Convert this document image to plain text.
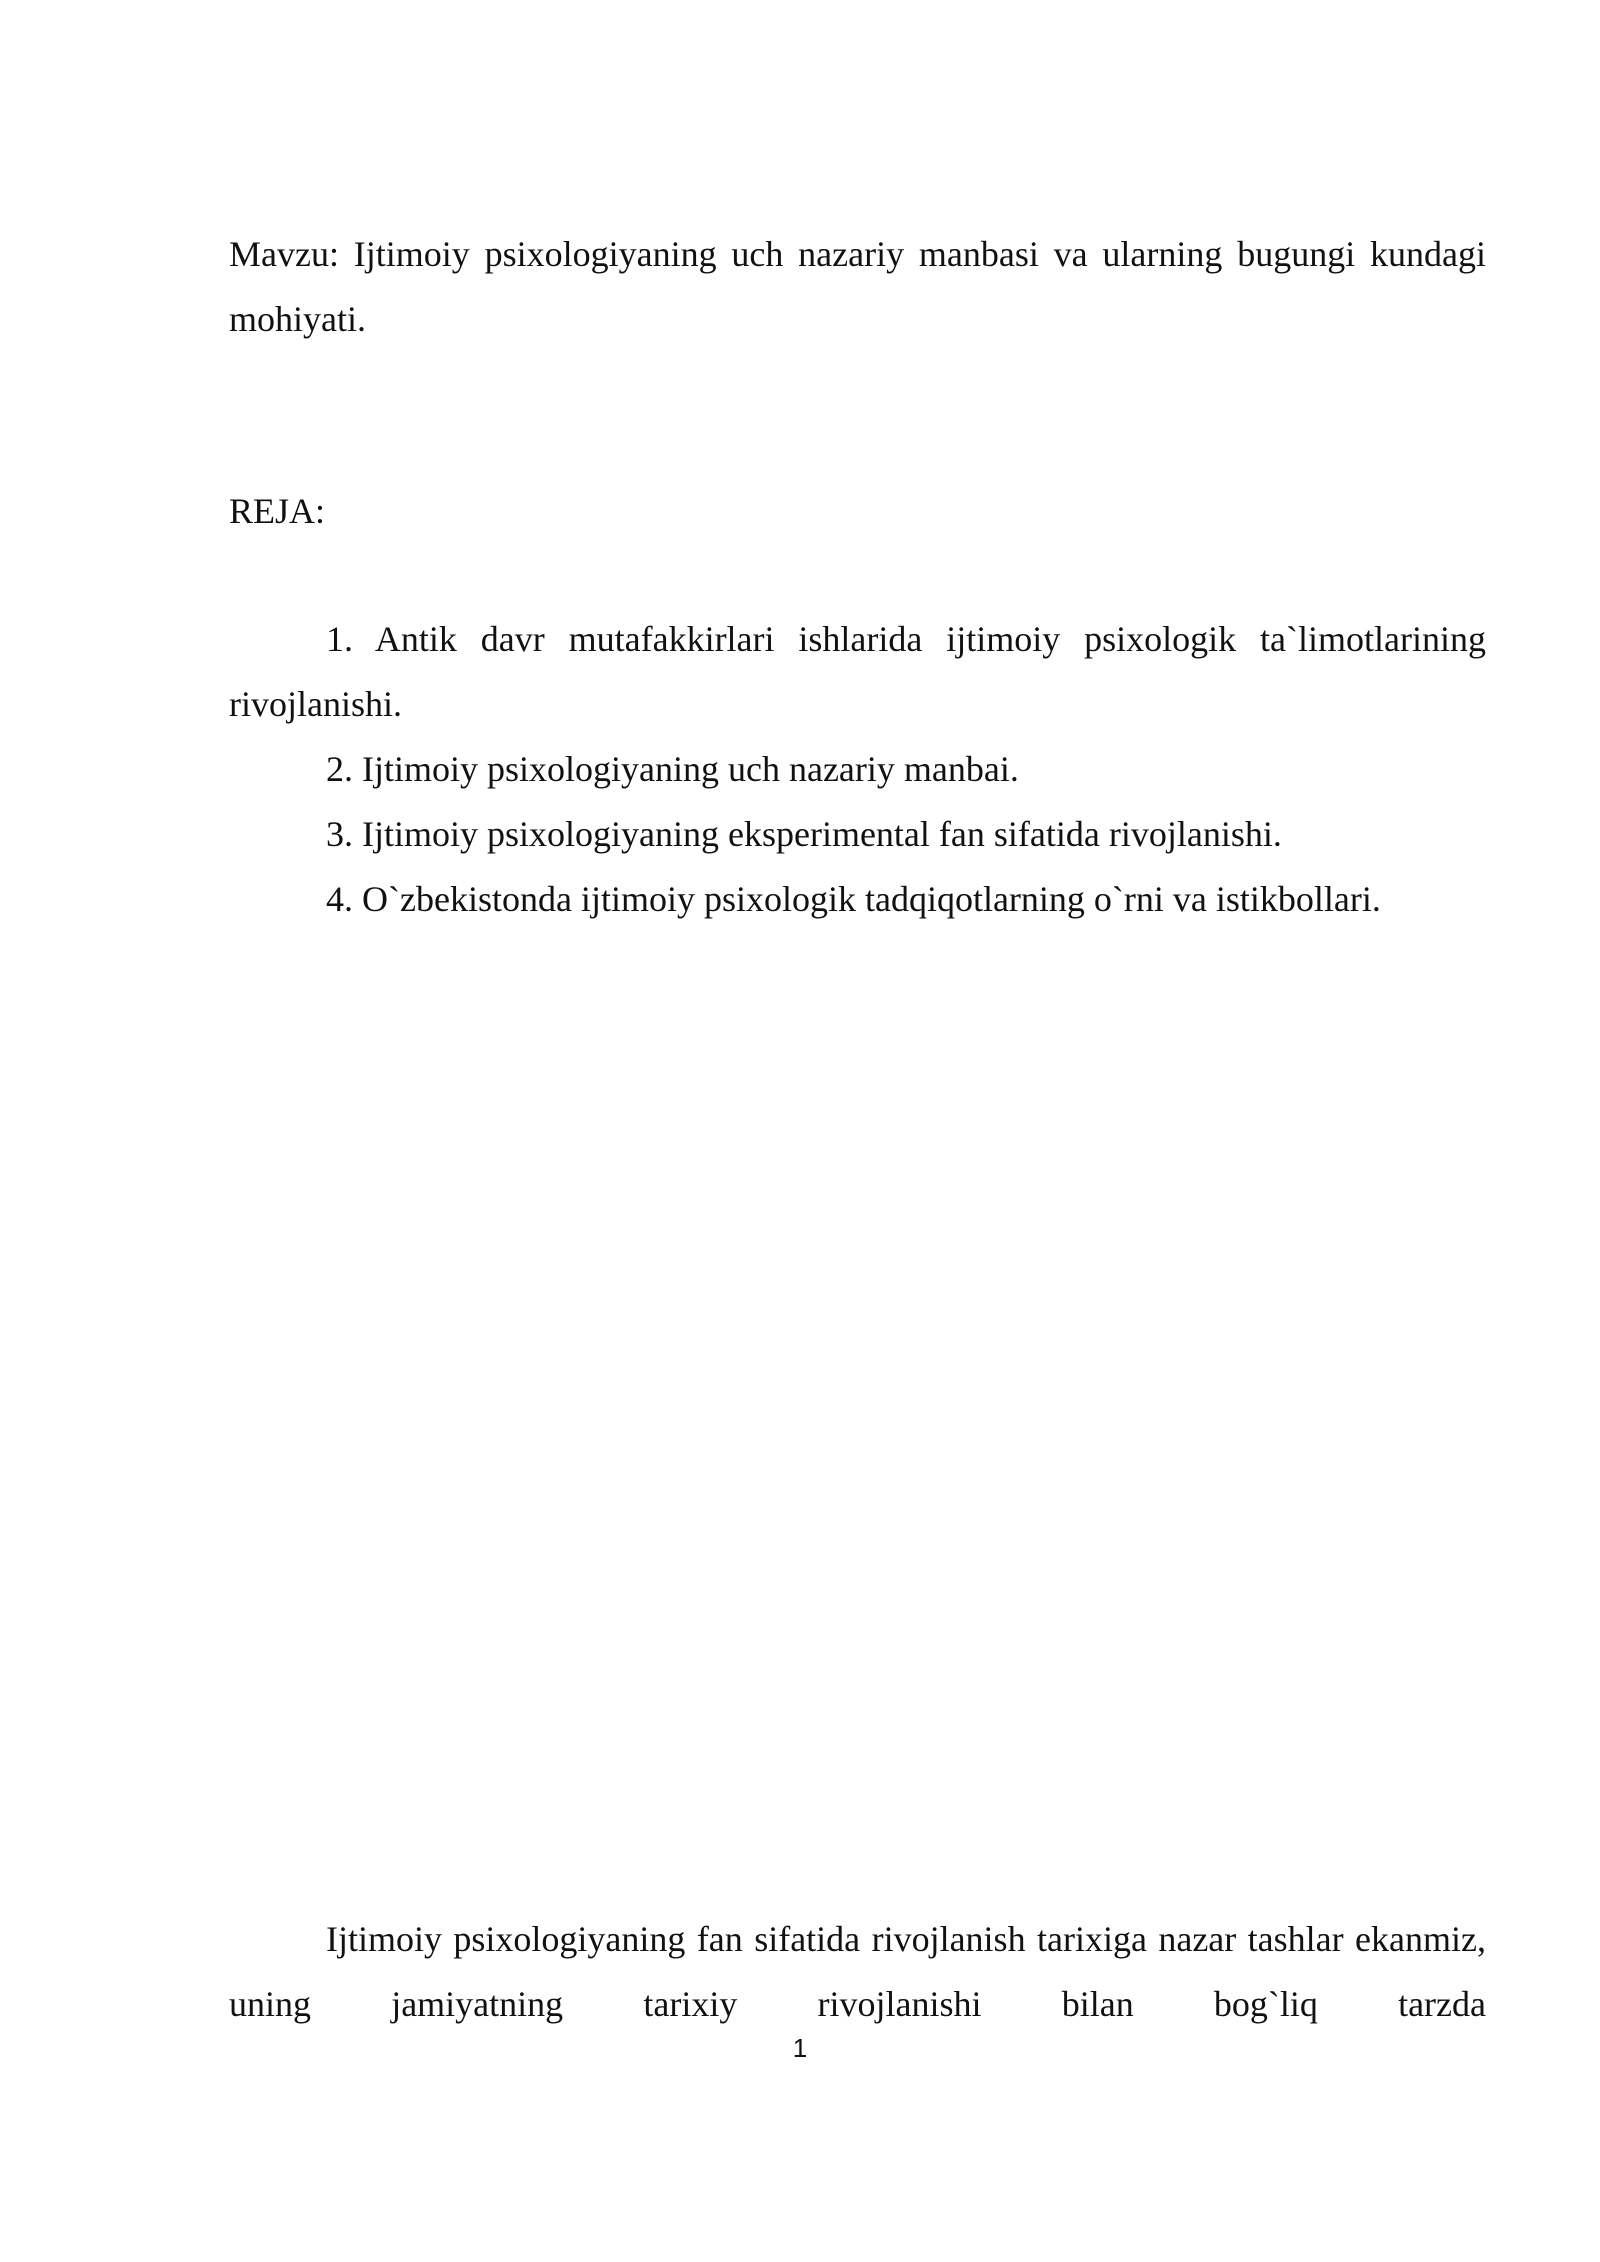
Mavzu: Ijtimoiy psixologiyaning uch nazariy manbasi va ularning bugungi kundagi mohiyati.

REJA:

1. Antik davr mutafakkirlari ishlarida ijtimoiy psixologik ta`limotlarining rivojlanishi.

2. Ijtimoiy psixologiyaning uch nazariy manbai.

3. Ijtimoiy psixologiyaning eksperimental fan sifatida rivojlanishi.

4. O`zbekistonda ijtimoiy psixologik tadqiqotlarning o`rni va istikbollari.

Ijtimoiy psixologiyaning fan sifatida rivojlanish tarixiga nazar tashlar ekanmiz, uning jamiyatning tarixiy rivojlanishi bilan bog`liq tarzda

1
